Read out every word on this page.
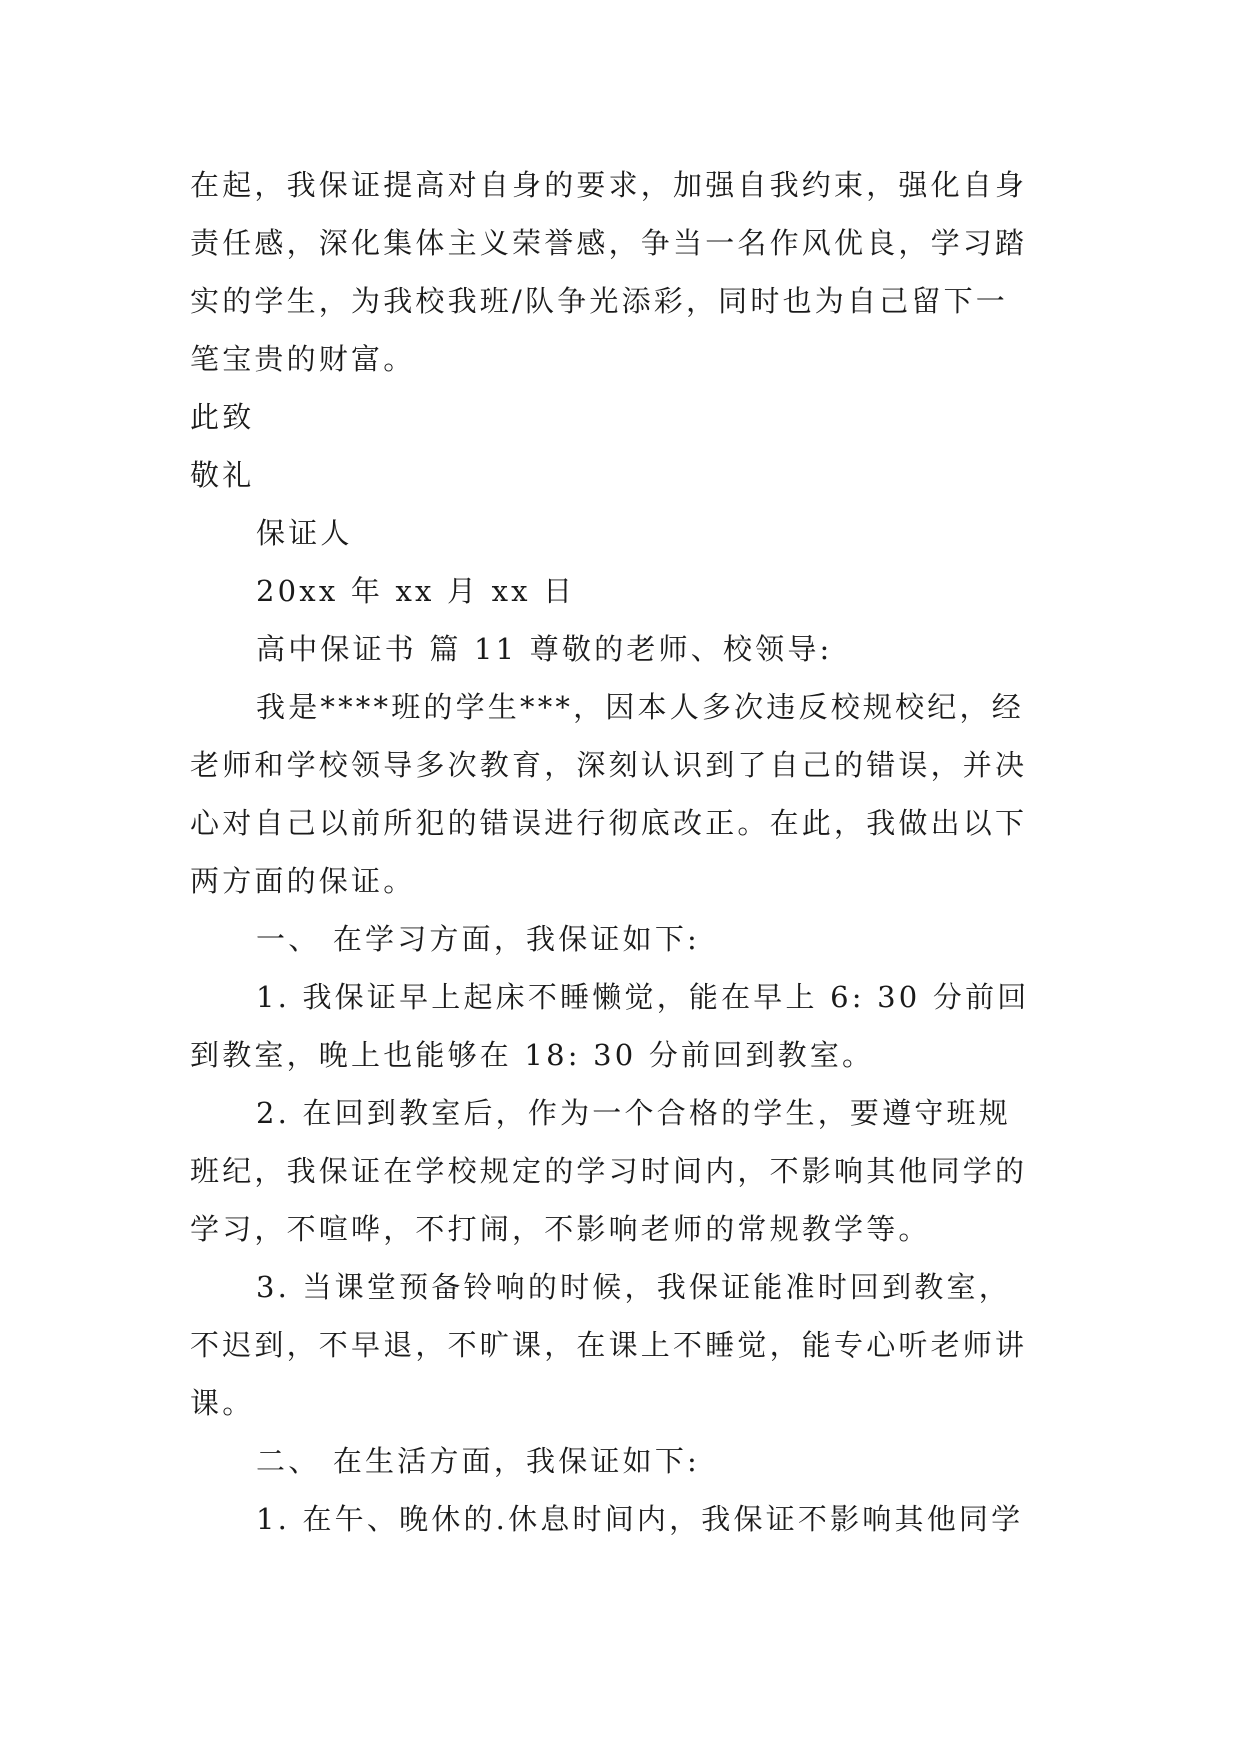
在起，我保证提高对自身的要求，加强自我约束，强化自身
责任感，深化集体主义荣誉感，争当一名作风优良，学习踏
实的学生，为我校我班/队争光添彩，同时也为自己留下一
笔宝贵的财富。
此致
敬礼
保证人
20xx 年 xx 月 xx 日
高中保证书 篇 11 尊敬的老师、校领导:
我是****班的学生***，因本人多次违反校规校纪，经
老师和学校领导多次教育，深刻认识到了自己的错误，并决
心对自己以前所犯的错误进行彻底改正。在此，我做出以下
两方面的保证。
一、 在学习方面，我保证如下:
1. 我保证早上起床不睡懒觉，能在早上 6: 30 分前回
到教室，晚上也能够在 18: 30 分前回到教室。
2. 在回到教室后，作为一个合格的学生，要遵守班规
班纪，我保证在学校规定的学习时间内，不影响其他同学的
学习，不喧哗，不打闹，不影响老师的常规教学等。
3. 当课堂预备铃响的时候，我保证能准时回到教室，
不迟到，不早退，不旷课，在课上不睡觉，能专心听老师讲
课。
二、 在生活方面，我保证如下:
1. 在午、晚休的.休息时间内，我保证不影响其他同学
